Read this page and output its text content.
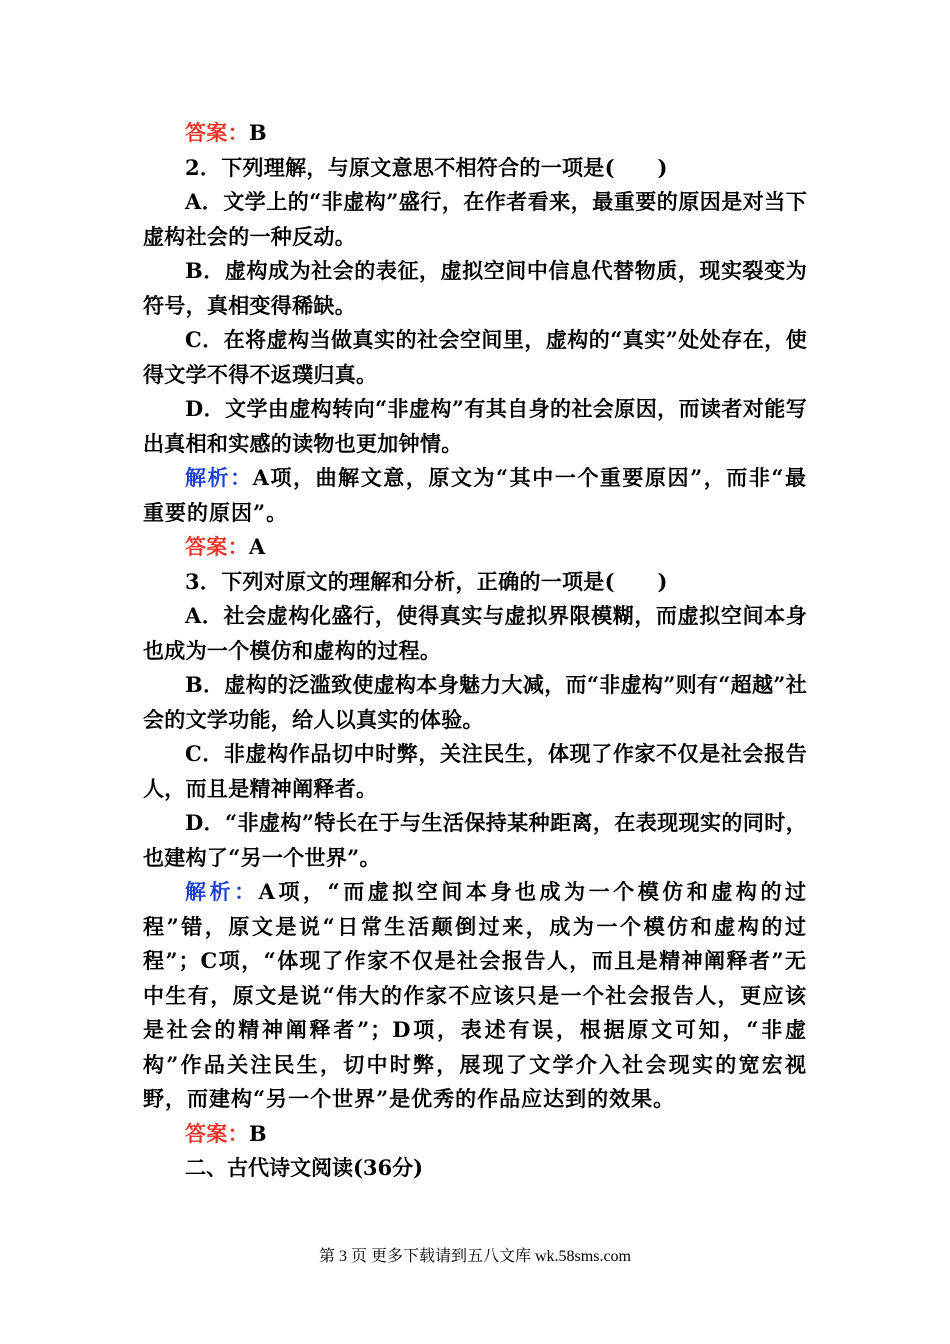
答案：B

2．下列理解，与原文意思不相符合的一项是(　　)

A．文学上的“非虚构”盛行，在作者看来，最重要的原因是对当下虚构社会的一种反动。

B．虚构成为社会的表征，虚拟空间中信息代替物质，现实裂变为符号，真相变得稀缺。

C．在将虚构当做真实的社会空间里，虚构的“真实”处处存在，使得文学不得不返璞归真。

D．文学由虚构转向“非虚构”有其自身的社会原因，而读者对能写出真相和实感的读物也更加钟情。

解析：A项，曲解文意，原文为“其中一个重要原因”，而非“最重要的原因”。

答案：A

3．下列对原文的理解和分析，正确的一项是(　　)

A．社会虚构化盛行，使得真实与虚拟界限模糊，而虚拟空间本身也成为一个模仿和虚构的过程。

B．虚构的泛滥致使虚构本身魅力大减，而“非虚构”则有“超越”社会的文学功能，给人以真实的体验。

C．非虚构作品切中时弊，关注民生，体现了作家不仅是社会报告人，而且是精神阐释者。

D．“非虚构”特长在于与生活保持某种距离，在表现现实的同时，也建构了“另一个世界”。

解析：A项，“而虚拟空间本身也成为一个模仿和虚构的过程”错，原文是说“日常生活颠倒过来，成为一个模仿和虚构的过程”；C项，“体现了作家不仅是社会报告人，而且是精神阐释者”无中生有，原文是说“伟大的作家不应该只是一个社会报告人，更应该是社会的精神阐释者”；D项，表述有误，根据原文可知，“非虚构”作品关注民生，切中时弊，展现了文学介入社会现实的宽宏视野，而建构“另一个世界”是优秀的作品应达到的效果。

答案：B

二、古代诗文阅读(36分)

第 3 页 更多下载请到五八文库 wk.58sms.com
